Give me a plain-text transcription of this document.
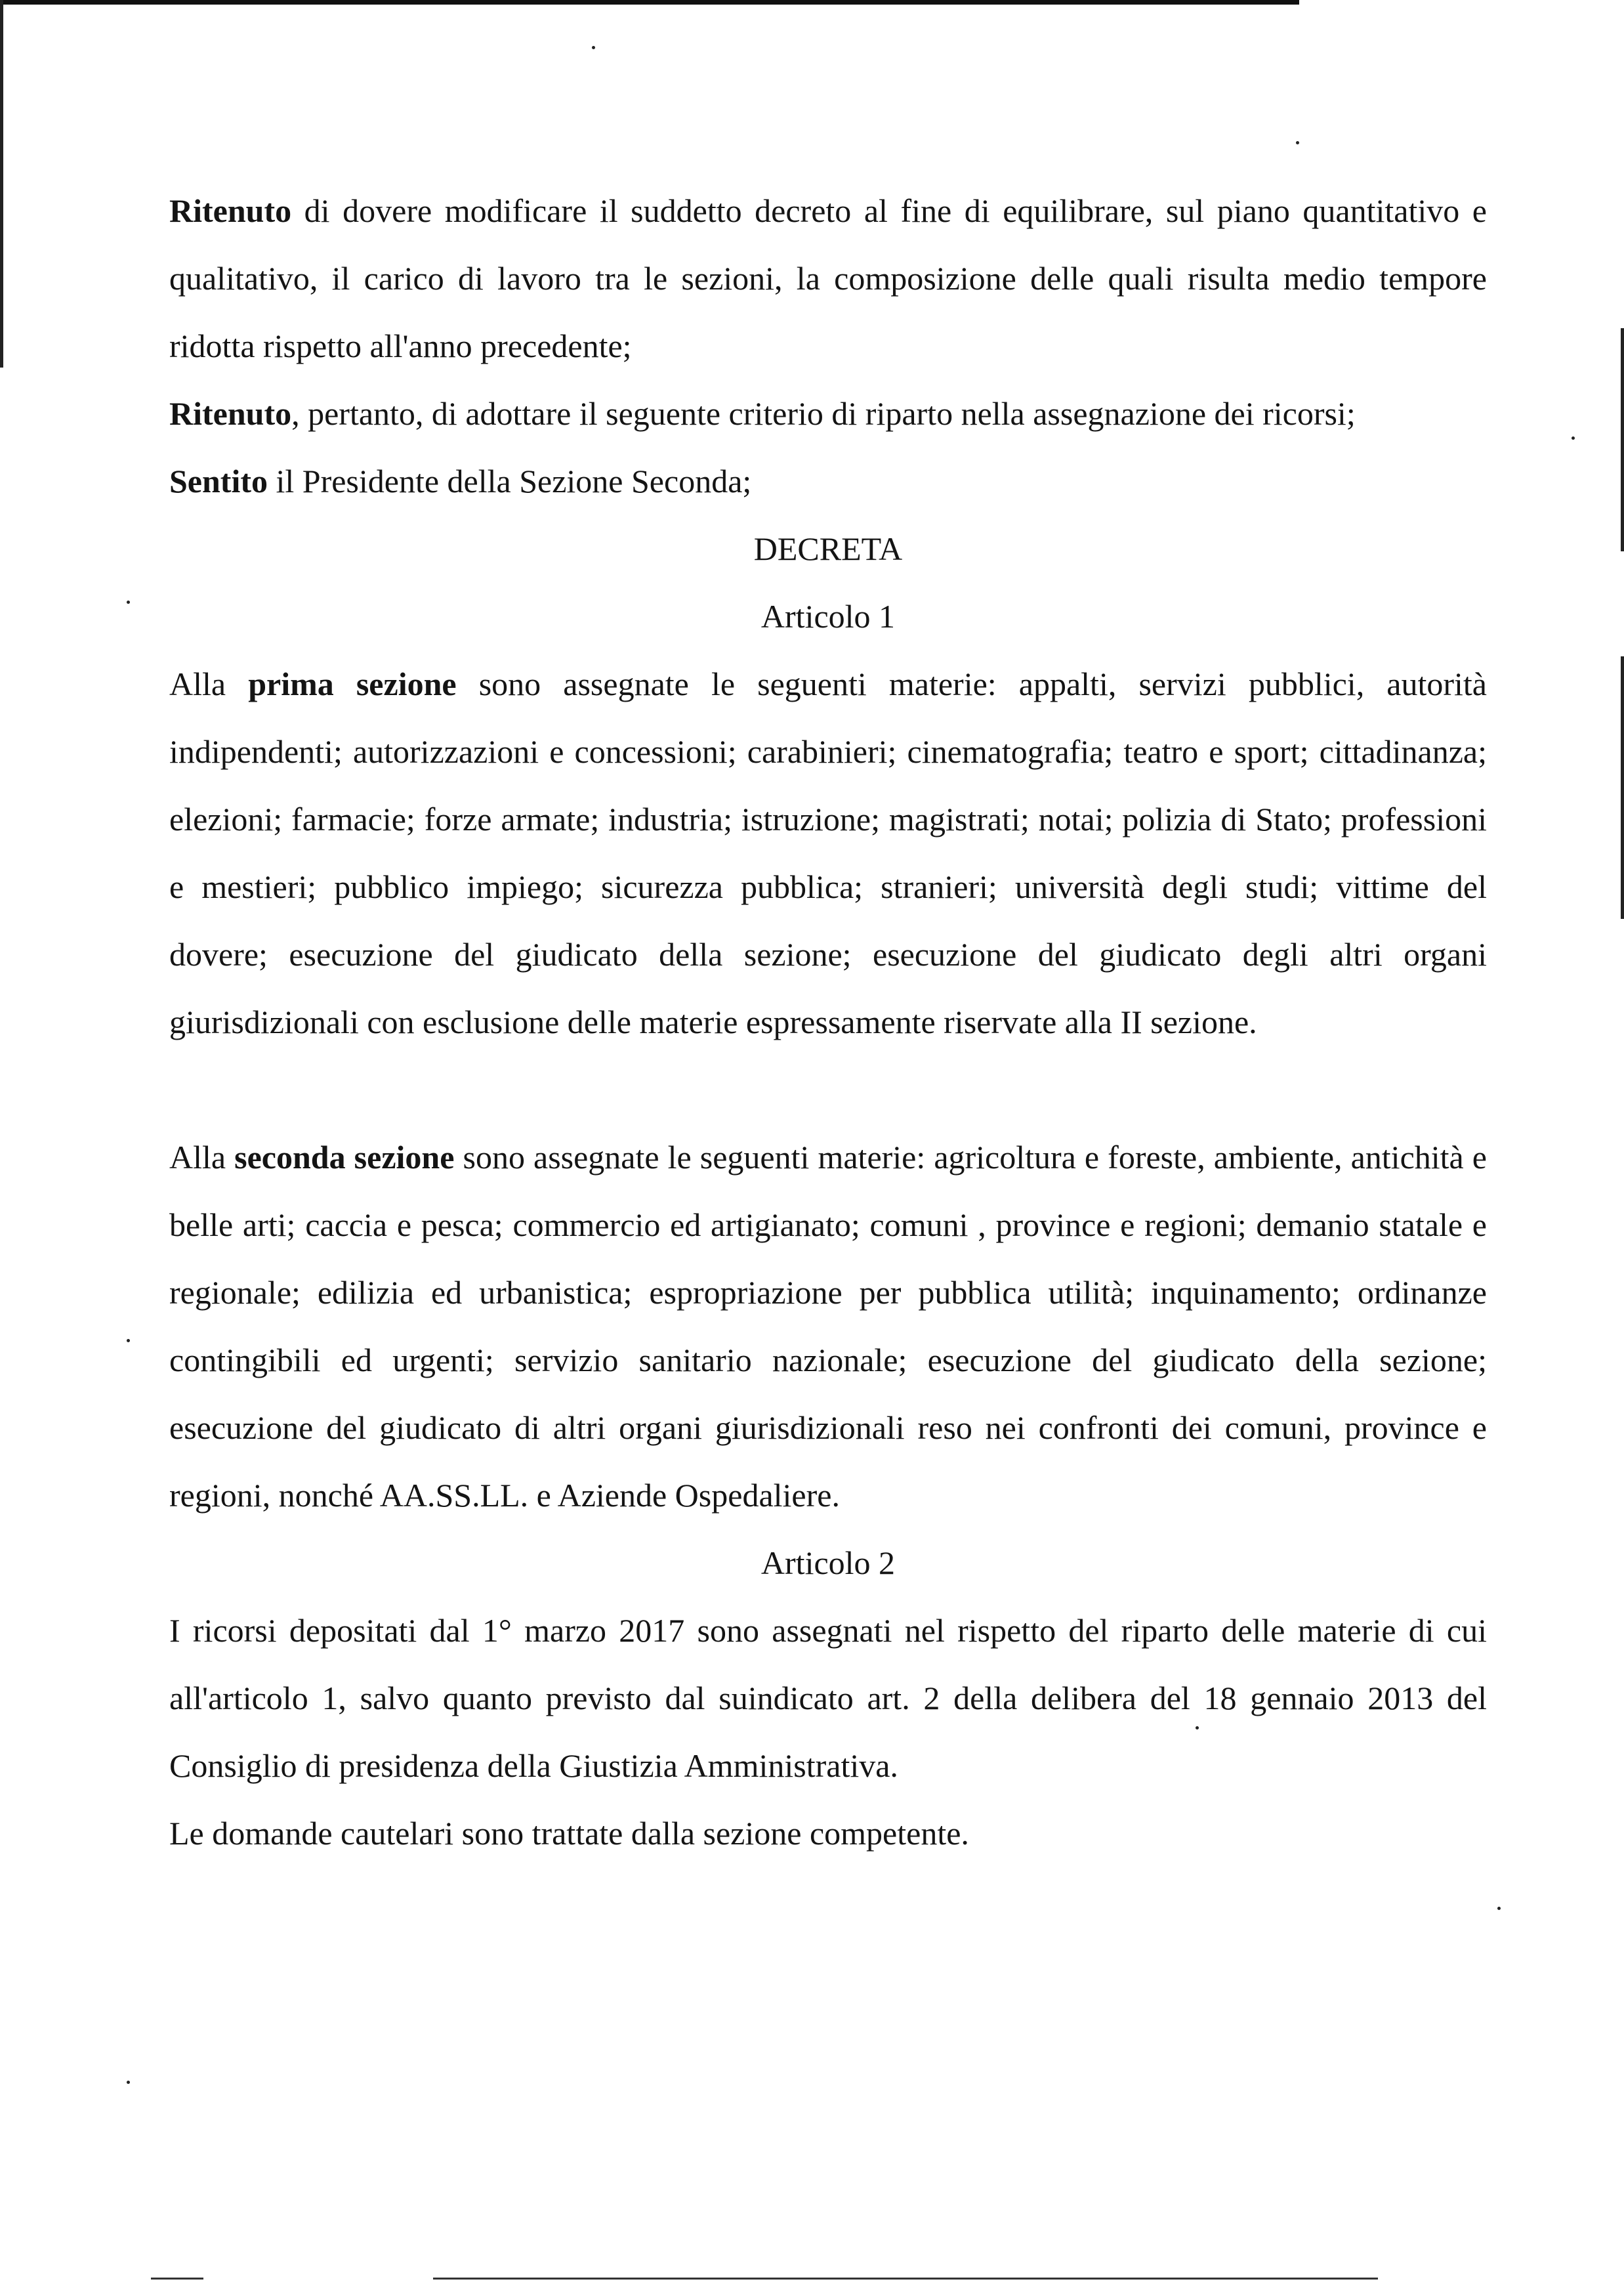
Ritenuto di dovere modificare il suddetto decreto al fine di equilibrare, sul piano quantitativo e qualitativo, il carico di lavoro tra le sezioni, la composizione delle quali risulta medio tempore ridotta rispetto all'anno precedente;

Ritenuto, pertanto, di adottare il seguente criterio di riparto nella assegnazione dei ricorsi;

Sentito il Presidente della Sezione Seconda;

DECRETA

Articolo 1

Alla prima sezione sono assegnate le seguenti materie: appalti, servizi pubblici, autorità indipendenti; autorizzazioni e concessioni; carabinieri; cinematografia; teatro e sport; cittadinanza; elezioni; farmacie; forze armate; industria; istruzione; magistrati; notai; polizia di Stato; professioni e mestieri; pubblico impiego; sicurezza pubblica; stranieri; università degli studi; vittime del dovere; esecuzione del giudicato della sezione; esecuzione del giudicato degli altri organi giurisdizionali con esclusione delle materie espressamente riservate alla II sezione.

Alla seconda sezione sono assegnate le seguenti materie: agricoltura e foreste, ambiente, antichità e belle arti; caccia e pesca; commercio ed artigianato; comuni , province e regioni; demanio statale e regionale; edilizia ed urbanistica; espropriazione per pubblica utilità; inquinamento; ordinanze contingibili ed urgenti; servizio sanitario nazionale; esecuzione del giudicato della sezione; esecuzione del giudicato di altri organi giurisdizionali reso nei confronti dei comuni, province e regioni, nonché AA.SS.LL. e Aziende Ospedaliere.

Articolo 2

I ricorsi depositati dal 1° marzo 2017 sono assegnati nel rispetto del riparto delle materie di cui all'articolo 1, salvo quanto previsto dal suindicato art. 2 della delibera del 18 gennaio 2013 del Consiglio di presidenza della Giustizia Amministrativa.

Le domande cautelari sono trattate dalla sezione competente.
